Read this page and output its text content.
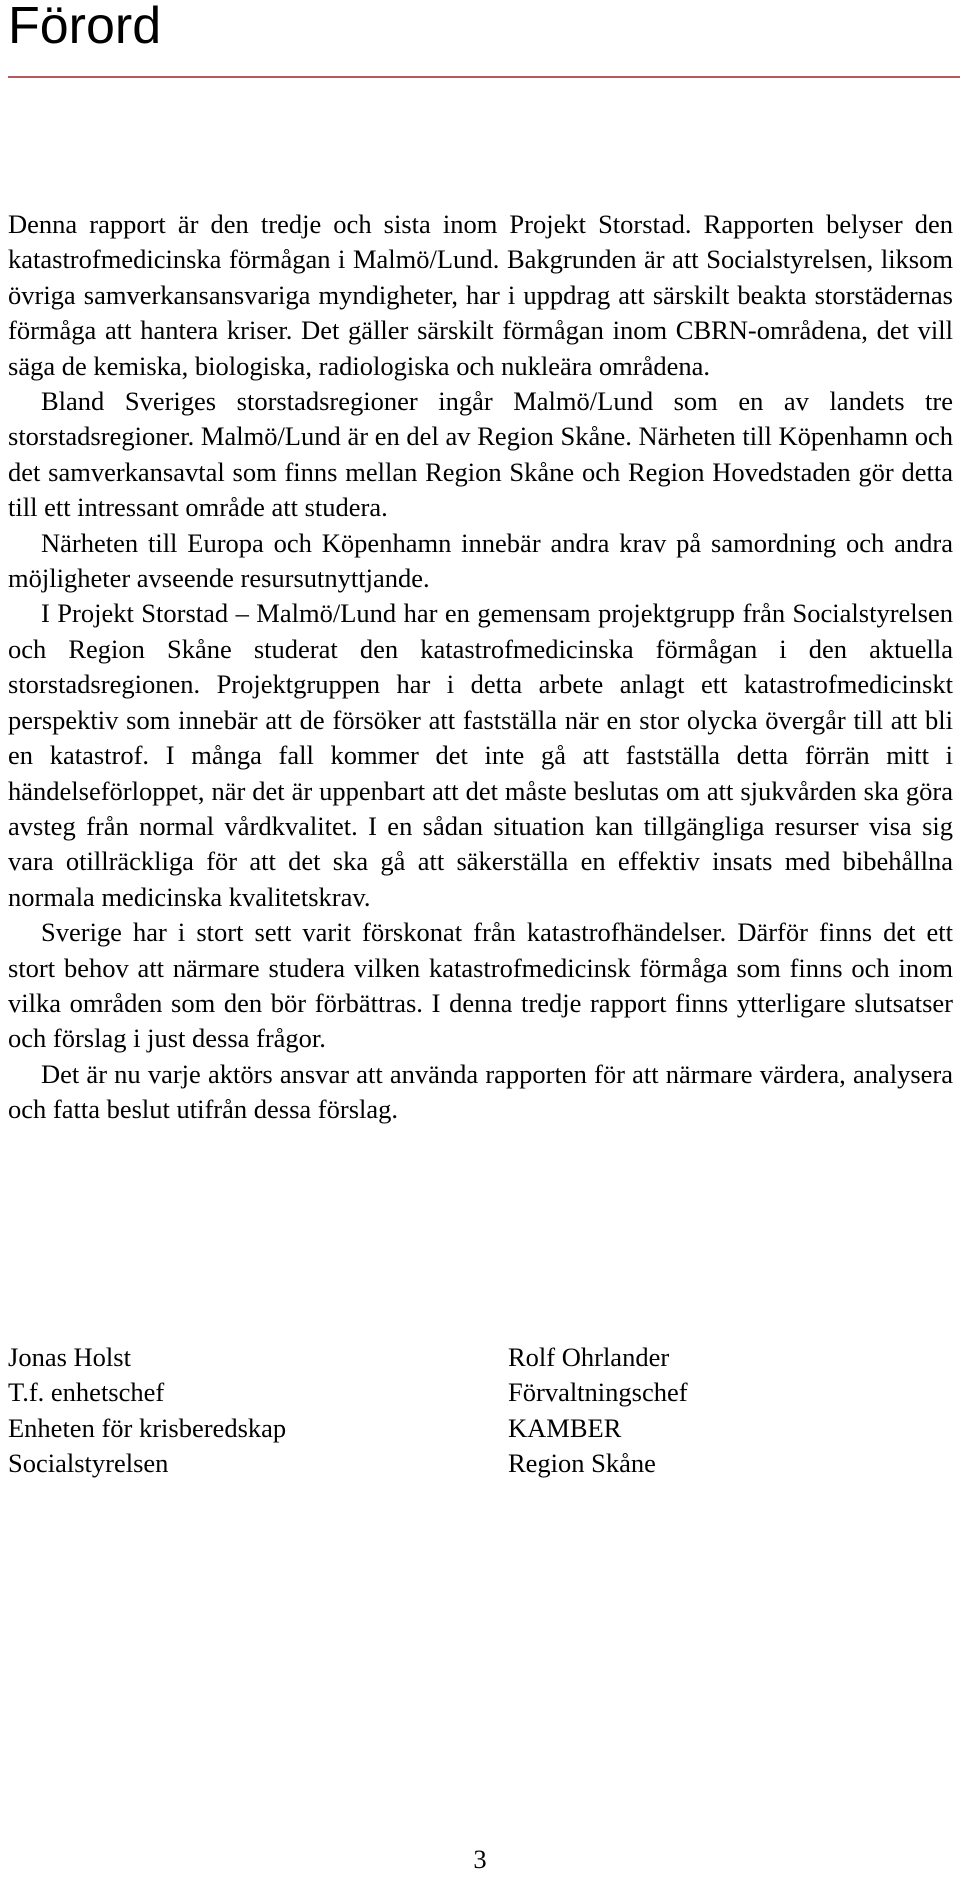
Förord

Denna rapport är den tredje och sista inom Projekt Storstad. Rapporten belyser den katastrofmedicinska förmågan i Malmö/Lund. Bakgrunden är att Socialstyrelsen, liksom övriga samverkansansvariga myndigheter, har i uppdrag att särskilt beakta storstädernas förmåga att hantera kriser. Det gäller särskilt förmågan inom CBRN-områdena, det vill säga de kemiska, biologiska, radiologiska och nukleära områdena.

Bland Sveriges storstadsregioner ingår Malmö/Lund som en av landets tre storstadsregioner. Malmö/Lund är en del av Region Skåne. Närheten till Köpenhamn och det samverkansavtal som finns mellan Region Skåne och Region Hovedstaden gör detta till ett intressant område att studera.

Närheten till Europa och Köpenhamn innebär andra krav på samordning och andra möjligheter avseende resursutnyttjande.

I Projekt Storstad – Malmö/Lund har en gemensam projektgrupp från Socialstyrelsen och Region Skåne studerat den katastrofmedicinska förmågan i den aktuella storstadsregionen. Projektgruppen har i detta arbete anlagt ett katastrofmedicinskt perspektiv som innebär att de försöker att fastställa när en stor olycka övergår till att bli en katastrof. I många fall kommer det inte gå att fastställa detta förrän mitt i händelseförloppet, när det är uppenbart att det måste beslutas om att sjukvården ska göra avsteg från normal vårdkvalitet. I en sådan situation kan tillgängliga resurser visa sig vara otillräckliga för att det ska gå att säkerställa en effektiv insats med bibehållna normala medicinska kvalitetskrav.

Sverige har i stort sett varit förskonat från katastrofhändelser. Därför finns det ett stort behov att närmare studera vilken katastrofmedicinsk förmåga som finns och inom vilka områden som den bör förbättras. I denna tredje rapport finns ytterligare slutsatser och förslag i just dessa frågor.

Det är nu varje aktörs ansvar att använda rapporten för att närmare värdera, analysera och fatta beslut utifrån dessa förslag.

Jonas Holst
T.f. enhetschef
Enheten för krisberedskap
Socialstyrelsen
Rolf Ohrlander
Förvaltningschef
KAMBER
Region Skåne
3
